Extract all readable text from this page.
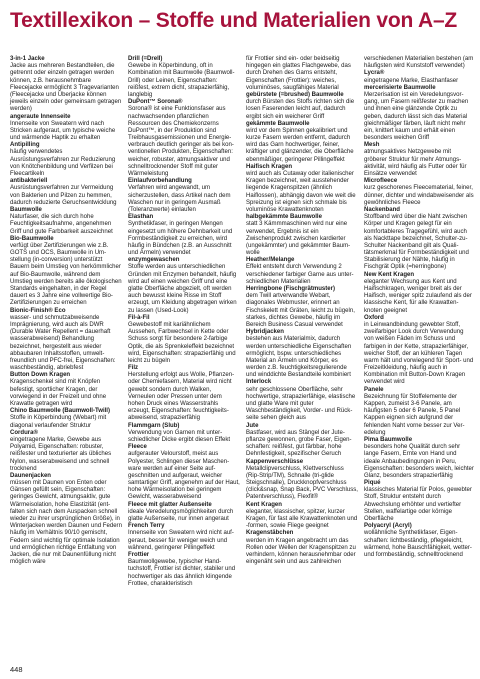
Textillexikon – Stoffe und Materialien von A–Z
3-in-1 Jacke
Jacke aus mehreren Bestandteilen, die getrennt oder einzeln getragen werden können, z.B. herausnehmbare Fleecejacke ermöglicht 3 Tragevarianten (Fleecejacke und Überjacke können jeweils einzeln oder gemeinsam getragen werden)
angeraute Innenseite
Innenseite von Sweatern wird nach Stricken aufgeraut, um typische weiche und wärmende Haptik zu erhalten
Antipilling
häufig verwendetes Ausrüstungsverfahren zur Reduzierung von Knötchenbildung und Verfilzen bei Fleecartikeln
antibakteriell
Ausrüstungsverfahren zur Vermeidung von Bakterien und Pilzen zu hemmen, dadurch reduzierte Geruchsentwicklung
Baumwolle
Naturfaser, die sich durch hohe Feuchtigkeitsaufnahme, angenehmen Griff und gute Farbbarkeit auszeichnet
Bio-Baumwolle
verfügt über Zertifizierungen wie z.B. GOTS und OCS, Baumwolle in Umstellung (in-conversion) unterstützt Bauern beim Umstieg von herkömmlicher auf Bio-Baumwolle, während dem Umstieg werden bereits alle ökologischen Standards eingehalten, in der Regel dauert es 3 Jahre eine vollwertige Bio-Zertifizierungen zu erreichen
Bionic-Finish® Eco
wasser- und schmutzabweisende Imprägnierung, wird auch als DWR (Durable Water Repellent = dauerhaft wasserabweisend) Behandlung bezeichnet, hergestellt aus wieder abbaubaren Inhaltsstoffen, umweltfreundlich und PFC-frei, Eigenschaften: waschbeständig, abriebfest
Button Down Kragen
Kragenschenkel sind mit Knöpfen befestigt, sportlicher Kragen, der vorwiegend in der Freizeit und ohne Krawatte getragen wird
Chino Baumwolle (Baumwoll-Twill)
Stoffe in Köperbindung (Webart) mit diagonal verlaufender Struktur
Cordura®
eingetragene Marke, Gewebe aus Polyamid, Eigenschaften: robuster, reißfester und texturierter als übliches Nylon, wasserabweisend und schnell trocknend
Daunenjacken
müssen mit Daunen von Enten oder Gänsen gefüllt sein, Eigenschaften: geringes Gewicht, atmungsaktiv, gute Wärmeisolation, hohe Elastizität (entfalten sich nach dem Auspacken schnell wieder zu ihrer ursprünglichen Größe), in Winterjacken werden Daunen und Federn häufig im Verhältnis 90/10 gemischt, Federn sind wichtig für optimale Isolation und ermöglichen richtige Entfaltung von Jacken, die nur mit Daunenfüllung nicht möglich wäre
Drill (=Drell)
Gewebe in Köperbindung, oft in Kombination mit Baumwolle (Baumwoll-Drill) oder Leinen, Eigenschaften: reißfest, extrem dicht, strapazierfähig, langlebig
DuPont™ Sorona®
Sorona® ist eine Funktionsfaser aus nachwachsenden pflanzlichen Ressourcen des Chemiekonzerns DuPont™, in der Produktion sind Treibhausgasemissionen und Energieverbrauch deutlich geringer als bei konventionellen Produkten, Eigenschaften: weicher, robuster, atmungsaktiver und schnelltrocknender Stoff mit guter Wärmeleistung
Einlaufvorbehandlung
Verfahren wird angewandt, um sicherzustellen, dass Artikel nach dem Waschen nur in geringem Ausmaß (Toleranzwerte) einlaufen
Elasthan
Synthetikfaser, in geringen Mengen eingesetzt um höhere Dehnbarkeit und Formbeständigkeit zu erreichen, wird häufig in Bündchen (z.B. an Ausschnitt und Ärmeln) verwendet
enzymgewaschen
Stoffe werden aus unterschiedlichen Gründen mit Enzymen behandelt, häufig wird auf einen weichen Griff und eine glatte Oberfläche abgezielt, oft werden auch bewusst kleine Risse im Stoff erzeugt, um Kleidung abgetragen wirken zu lassen (Used-Look)
Fil-à-Fil
Gewebestoff mit kariähnlichem Aussehen, Farbwechsel in Kette oder Schuss sorgt für besondere 2-farbige Optik, die als Sprenkeleffekt bezeichnet wird, Eigenschaften: strapazierfähig und leicht zu bügeln
Filz
Herstellung erfolgt aus Wolle, Pflanzen- oder Chemiefasern, Material wird nicht gewebt sondern durch Walken, Verneulen oder Pressen unter dem hohen Druck eines Wasserstrahls erzeugt, Eigenschaften: feuchtigkeitsabweisend, strapazierfähig
Flammgarn (Slub)
Verwendung von Garnen mit unterschiedlicher Dicke ergibt diesen Effekt
Fleece
aufgerauter Velourstoff, meist aus Polyester, Schlingen dieser Maschenware werden auf einer Seite aufgeschnitten und aufgeraut, weicher samtartiger Griff, angenehm auf der Haut, hohe Wärmeisolation bei geringem Gewicht, wasserabweisend
Fleece mit glatter Außenseite
ideale Veredelungsmöglichkeiten durch glatte Außenseite, nur innen angeraut
French Terry
Innenseite von Sweatern wird nicht aufgeraut, besser für weniger weich und während, geringerer Pillingeffekt
Frottier
Baumwollgewebe, typischer Handtuchstoff, Frottier ist dichter, stabiler und hochwertiger als das ähnlich klingende Frottee, charakteristisch
für Frottier sind ein- oder beidseitig hingegen ein glattes Flachgewebe, das durch Drehen des Garns entsteht, Eigenschaften (Frottier): weiches, voluminöses, saugfähiges Material
gebürstete (=brushed) Baumwolle
durch Bürsten des Stoffs richten sich die losen Faserenden leicht auf, dadurch ergibt sich ein weicherer Griff
gekämmte Baumwolle
wird vor dem Spinnen gekalibriert und kurze Fasern werden entfernt, dadurch wird das Garn hochwertiger, feiner, kräftiger und glänzender, die Oberfläche ebenmäßiger, geringerer Pillingeffekt
Haifisch Kragen
wird auch als Cutaway oder italienischer Kragen bezeichnet, weit ausstehender liegende Kragenspitzen (ähnlich Haiflossen), abhängig davon wie weit die Spreizung ist eignen sich schmale bis voluminöse Krawattenknoten
halbgekämmte Baumwolle
statt 3 Kämmmaschinen wird nur eine verwendet, Ergebnis ist ein Zwischenprodukt zwischen kardierter (ungekämmter) und gekämmter Baumwolle
Heather/Melange
Effekt entsteht durch Verwendung 2 verschiedener farbiger Garne aus unterschiedlichen Materialien
Herringbone (Fischgrätmuster)
dem Twill artverwandte Webart, diagonales Webmuster, erinnert an Fischskelett mit Gräten, leicht zu bügeln, starkes, dichtes Gewebe, häufig im Bereich Business Casual verwendet
Hybridjacken
bestehen aus Materialmix, dadurch werden unterschiedliche Eigenschaften ermöglicht, bspw. unterschiedliches Material an Ärmeln und Körper, es werden z.B. feuchtigkeitsregulierende und winddichte Bestandteile kombiniert
Interlock
sehr geschlossene Oberfläche, sehr hochwertige, strapazierfähige, elastische und glatte Ware mit guter Waschbeständigkeit, Vorder- und Rückseite sehen gleich aus
Jute
Bastfaser, wird aus Stängel der Jutepflanze gewonnen, grobe Faser, Eigenschaften: reißfest, gut färbbar, hohe Dehnfestigkeit, spezifischer Geruch
Kappenverschlüsse
Metallclipverschluss, Klettverschluss (Rip-Strip/TM), Schnalle (tri-glide Steigschnalle), Druckknopfverschluss (click&snap, Snap Back, PVC Verschluss, Patentverschluss), Flexfit®
Kent Kragen
eleganter, klassischer, spitzer, kurzer Kragen, für fast alle Krawattenknoten und -formen, sowie Fliege geeignet
Kragenstäbchen
werden im Kragen angebracht um das Rollen oder Wellen der Kragenspitzen zu verhindern, können herausnehmbar oder eingenäht sein und aus zahlreichen
verschiedenen Materialien bestehen (am häufigsten wird Kunststoff verwendet)
Lycra®
eingetragene Marke, Elasthanfaser
mercerisierte Baumwolle
Merzerisation ist ein Veredelungsvorgang, um Fasern reißfester zu machen und ihnen eine glänzende Optik zu geben, dadurch lässt sich das Material gleichmäßiger färben, läuft nicht mehr ein, knittert kaum und erhält einen besonders weichen Griff
Mesh
atmungsaktives Netzgewebe mit gröberer Struktur für mehr Atmungsaktivität, wird häufig als Futter oder für Einsätze verwendet
Microfleece
kurz geschorenes Fleecematerial, feiner, dünner, dichter und windabweisender als gewöhnliches Fleece
Nackenband
Stoffband wird über die Naht zwischen Körper und Kragen gelegt für ein komfortableres Tragegefühl, wird auch als Nackttape bezeichnet, Schulter-zu-Schulter Nackenband gilt als Qualitätsmerkmal für Formbeständigkeit und Stabilisierung der Nähte, häufig in Fischgrät Optik (=herringbone)
New Kent Kragen
eleganter Wechsung aus Kent und Haifischkragen, weniger breit als der Haifisch, weniger spitz zulaufend als der klassische Kent, für alle Krawattenknoten geeignet
Oxford
in Leinwandbindung gewebter Stoff, zweifarbiger Look durch Verwendung von weißen Fäden im Schuss und farbigen in der Kette, strapazierfähiger, weicher Stoff, der an kühleren Tagen warm hält und vorwiegend für Sport- und Freizeitkleidung, häufig auch in Kombination mit Button-Down Kragen verwendet wird
Panele
Bezeichnung für Stoffelemente der Kappen, zumeist 3-6 Panele, am häufigsten 5 oder 6 Panele, 5 Panel Kappen eignen sich aufgrund der fehlenden Naht vorne besser zur Veredelung
Pima Baumwolle
besonders hohe Qualität durch sehr lange Fasern, Ernte von Hand und ideale Anbaubedingungen in Peru, Eigenschaften: besonders weich, leichter Glanz, besonders strapazierfähig
Piqué
klassisches Material für Polos, gewebter Stoff, Struktur entsteht durch Abwechslung erhöhter und vertiefter Stellen, waffelartige oder körnige Oberfläche
Polyacryl (Acryl)
wollähnliche Synthetikfaser, Eigenschaften: lichtbeständig, pflegeleicht, wärmend, hohe Bauschfähigkeit, wetter- und formbeständig, schnelltrocknend
448
